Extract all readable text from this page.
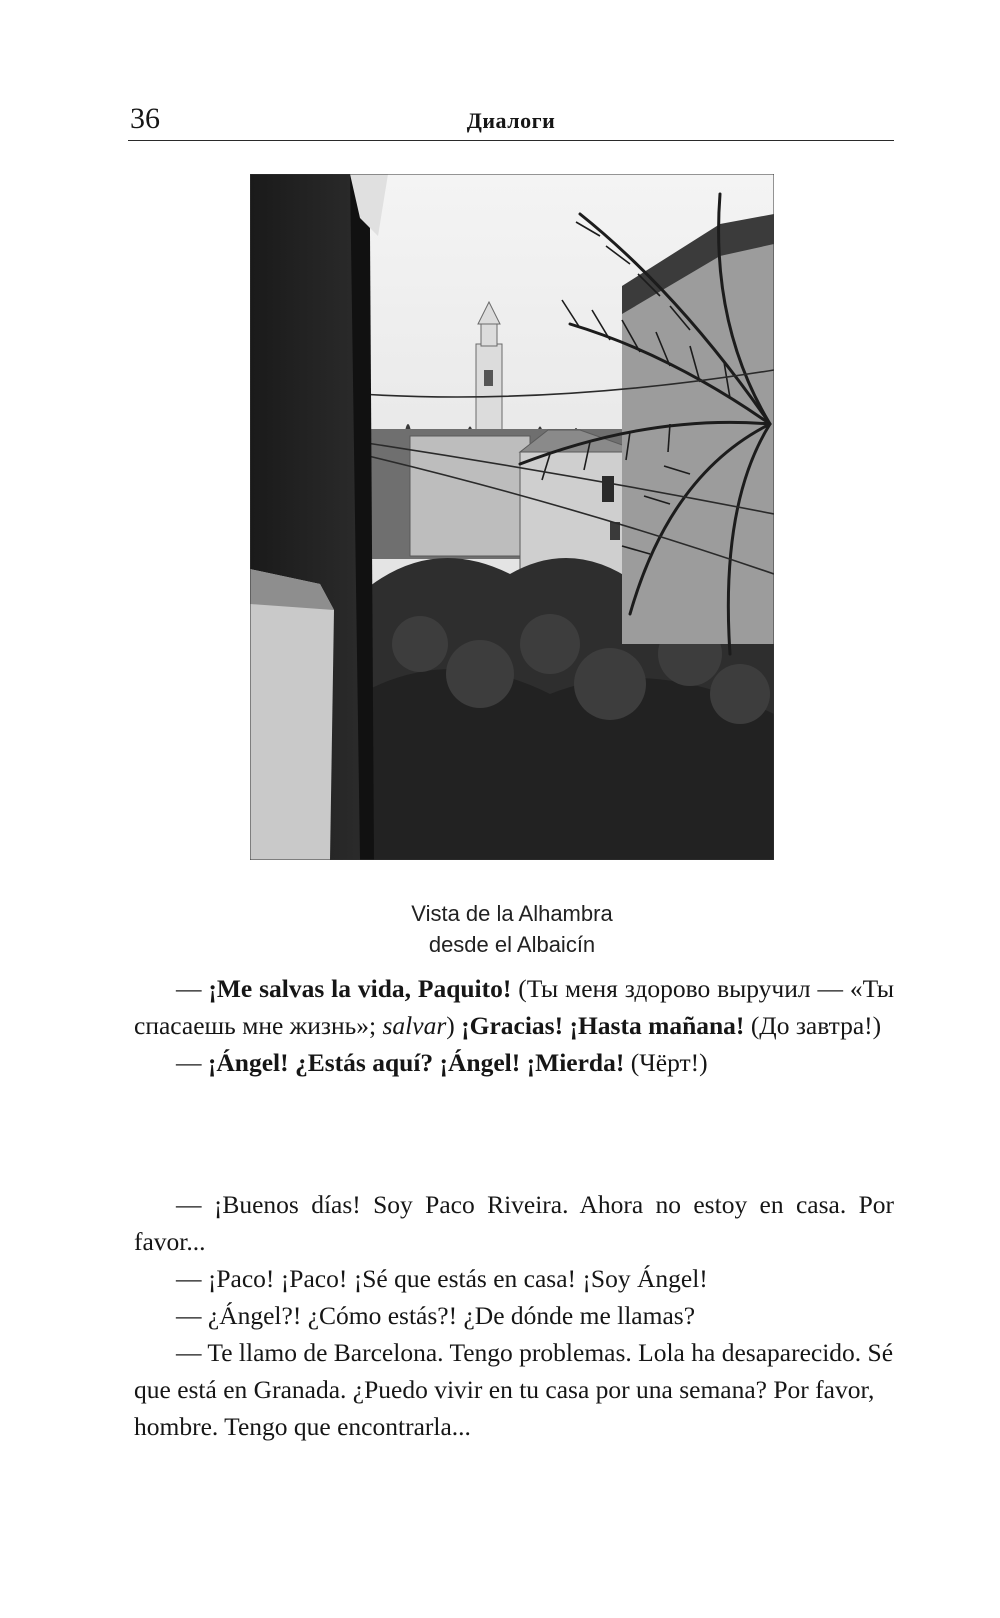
36	Диалоги
Vista de la Alhambra
desde el Albaicín

— ¡Me salvas la vida, Paquito! (Ты меня здорово выручил — «Ты спасаешь мне жизнь»; salvar) ¡Gracias! ¡Hasta mañana! (До завтра!)

— ¡Ángel! ¿Estás aquí? ¡Ángel! ¡Mierda! (Чёрт!)

— ¡Buenos días! Soy Paco Riveira. Ahora no estoy en casa. Por favor...

— ¡Paco! ¡Paco! ¡Sé que estás en casa! ¡Soy Ángel!

— ¿Ángel?! ¿Cómo estás?! ¿De dónde me llamas?

— Te llamo de Barcelona. Tengo problemas. Lola ha desaparecido. Sé que está en Granada. ¿Puedo vivir en tu casa por una semana? Por favor, hombre. Tengo que encontrarla...
